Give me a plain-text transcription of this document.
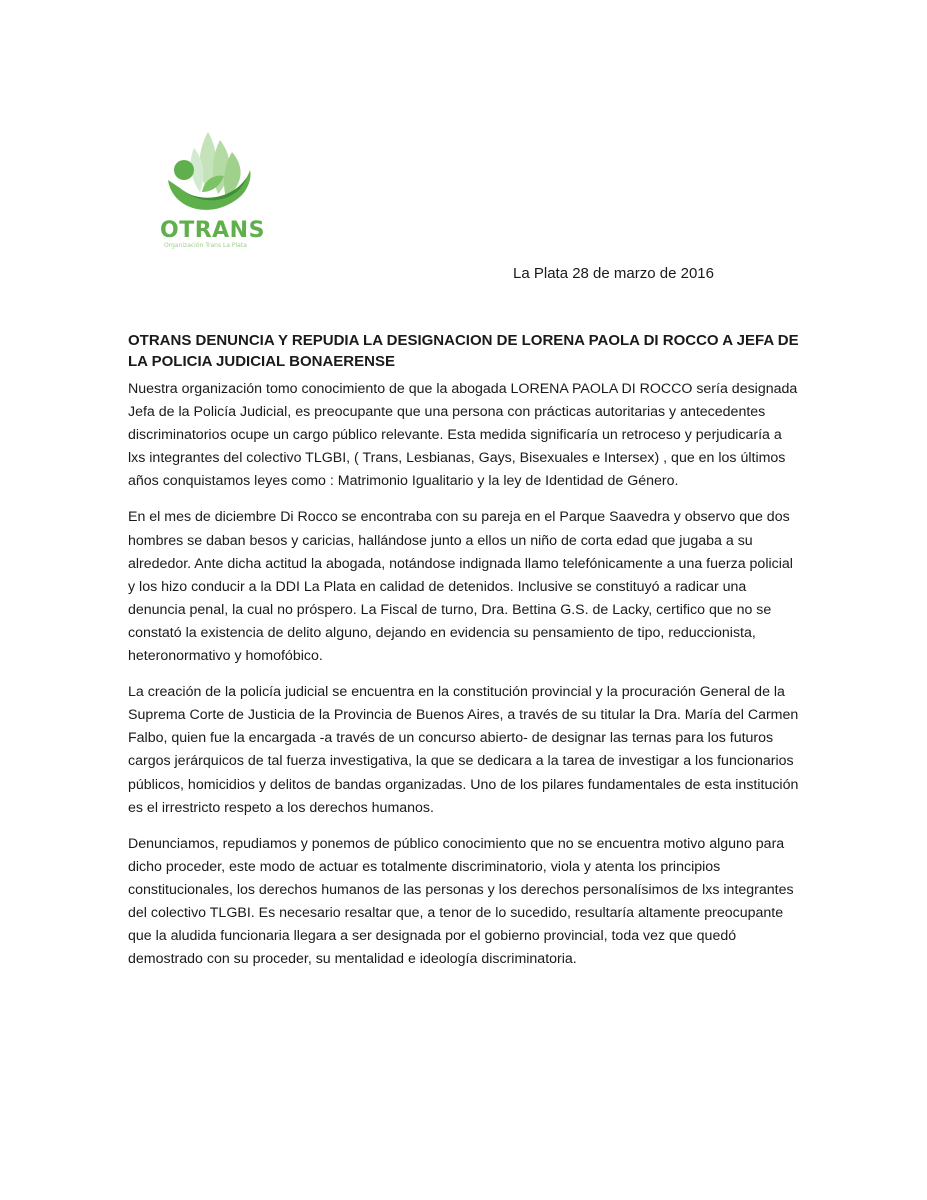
OTRANS
Organización Trans La Plata
La Plata 28 de marzo de 2016
OTRANS DENUNCIA Y REPUDIA LA DESIGNACION DE LORENA PAOLA DI ROCCO A JEFA DE LA POLICIA JUDICIAL BONAERENSE

Nuestra organización tomo conocimiento de que la abogada LORENA PAOLA DI ROCCO sería designada Jefa de la Policía Judicial, es preocupante que una persona con prácticas autoritarias y antecedentes discriminatorios ocupe un cargo público relevante. Esta medida significaría un retroceso y perjudicaría a lxs integrantes del colectivo TLGBI, ( Trans, Lesbianas, Gays, Bisexuales e Intersex) , que en los últimos años conquistamos leyes como : Matrimonio Igualitario y la ley de Identidad de Género.

En el mes de diciembre Di Rocco se encontraba con su pareja en el Parque Saavedra y observo que dos hombres se daban besos y caricias, hallándose junto a ellos un niño de corta edad que jugaba a su alrededor. Ante dicha actitud la abogada, notándose indignada llamo telefónicamente a una fuerza policial y los hizo conducir a la DDI La Plata en calidad de detenidos. Inclusive se constituyó a radicar una denuncia penal, la cual no próspero. La Fiscal de turno, Dra. Bettina G.S. de Lacky, certifico que no se constató la existencia de delito alguno, dejando en evidencia su pensamiento de tipo, reduccionista, heteronormativo y homofóbico.

La creación de la policía judicial se encuentra en la constitución provincial y la procuración General de la Suprema Corte de Justicia de la Provincia de Buenos Aires, a través de su titular la Dra. María del Carmen Falbo, quien fue la encargada -a través de un concurso abierto- de designar las ternas para los futuros cargos jerárquicos de tal fuerza investigativa, la que se dedicara a la tarea de investigar a los funcionarios públicos, homicidios y delitos de bandas organizadas. Uno de los pilares fundamentales de esta institución es el irrestricto respeto a los derechos humanos.

Denunciamos, repudiamos y ponemos de público conocimiento que no se encuentra motivo alguno para dicho proceder, este modo de actuar es totalmente discriminatorio, viola y atenta los principios constitucionales, los derechos humanos de las personas y los derechos personalísimos de lxs integrantes del colectivo TLGBI. Es necesario resaltar que, a tenor de lo sucedido, resultaría altamente preocupante que la aludida funcionaria llegara a ser designada por el gobierno provincial, toda vez que quedó demostrado con su proceder, su mentalidad e ideología discriminatoria.
